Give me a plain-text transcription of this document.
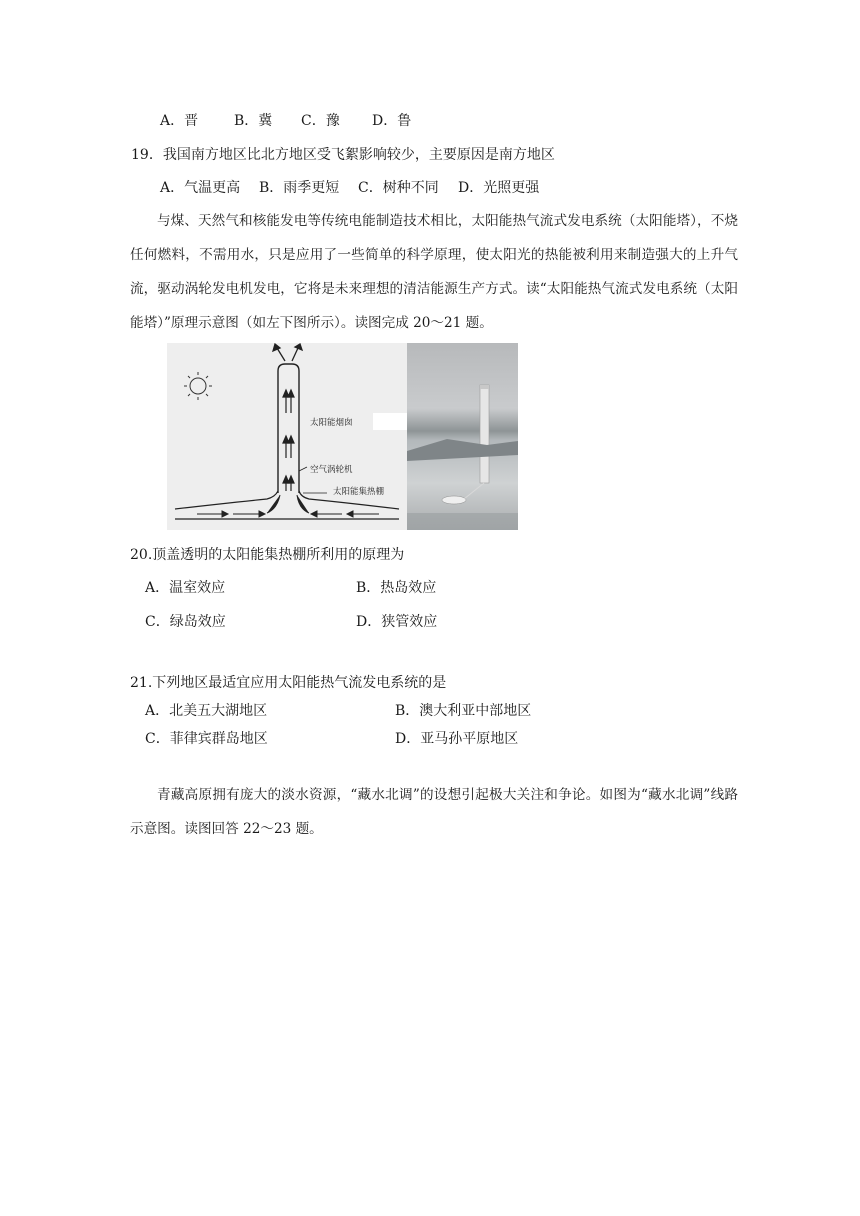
A．晋	B．冀 C．豫 D．鲁
19．我国南方地区比北方地区受飞絮影响较少，主要原因是南方地区
A．气温更高 B．雨季更短 C．树种不同 D．光照更强
与煤、天然气和核能发电等传统电能制造技术相比，太阳能热气流式发电系统（太阳能塔），不烧任何燃料，不需用水，只是应用了一些简单的科学原理，使太阳光的热能被利用来制造强大的上升气流，驱动涡轮发电机发电，它将是未来理想的清洁能源生产方式。读“太阳能热气流式发电系统（太阳能塔）”原理示意图（如左下图所示）。读图完成 20～21 题。
太阳能烟囱
空气涡轮机
太阳能集热棚
20.顶盖透明的太阳能集热棚所利用的原理为
A．温室效应	B．热岛效应
C．绿岛效应	D．狭管效应
21.下列地区最适宜应用太阳能热气流发电系统的是
A．北美五大湖地区	B．澳大利亚中部地区
C．菲律宾群岛地区	D．亚马孙平原地区
青藏高原拥有庞大的淡水资源，“藏水北调”的设想引起极大关注和争论。如图为“藏水北调”线路示意图。读图回答 22～23 题。
